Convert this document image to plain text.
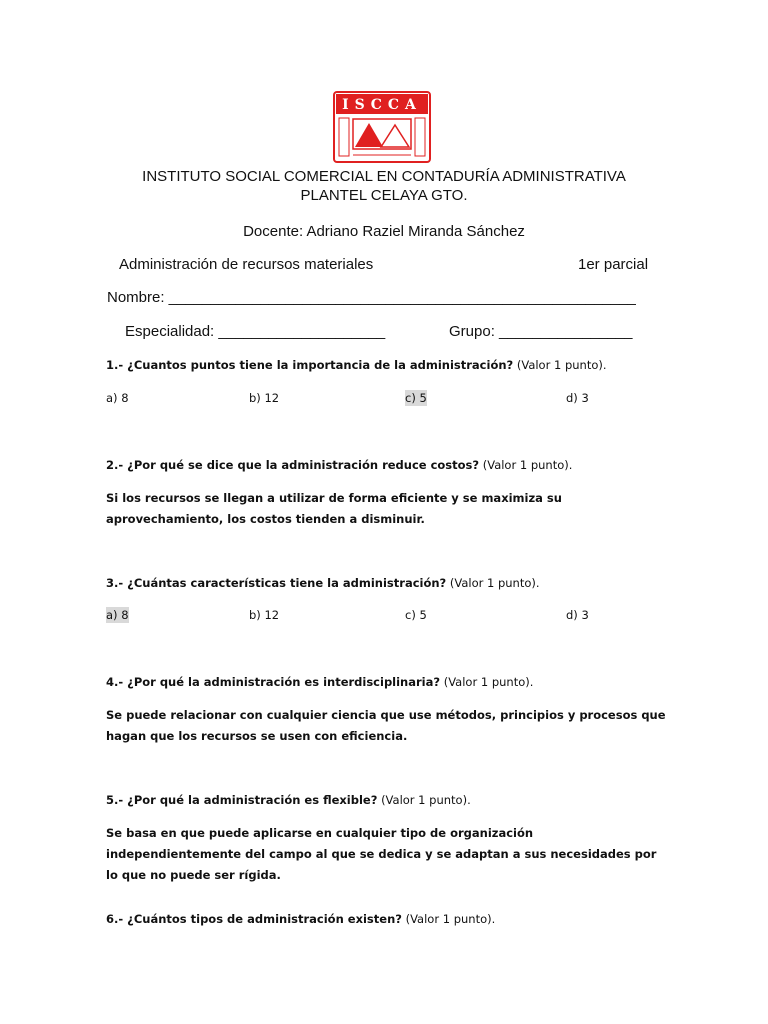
ISCCA
INSTITUTO SOCIAL COMERCIAL EN CONTADURÍA ADMINISTRATIVA
PLANTEL CELAYA GTO.
Docente: Adriano Raziel Miranda Sánchez
Administración de recursos materiales	1er parcial
Nombre: ________________________________________________________
Especialidad: ____________________	Grupo: ________________
1.- ¿Cuantos puntos tiene la importancia de la administración? (Valor 1 punto).
a) 8	b) 12	c) 5	d) 3
2.- ¿Por qué se dice que la administración reduce costos? (Valor 1 punto).
Si los recursos se llegan a utilizar de forma eficiente y se maximiza su aprovechamiento, los costos tienden a disminuir.
3.- ¿Cuántas características tiene la administración? (Valor 1 punto).
a) 8	b) 12	c) 5	d) 3
4.- ¿Por qué la administración es interdisciplinaria? (Valor 1 punto).
Se puede relacionar con cualquier ciencia que use métodos, principios y procesos que hagan que los recursos se usen con eficiencia.
5.- ¿Por qué la administración es flexible? (Valor 1 punto).
Se basa en que puede aplicarse en cualquier tipo de organización independientemente del campo al que se dedica y se adaptan a sus necesidades por lo que no puede ser rígida.
6.- ¿Cuántos tipos de administración existen? (Valor 1 punto).
